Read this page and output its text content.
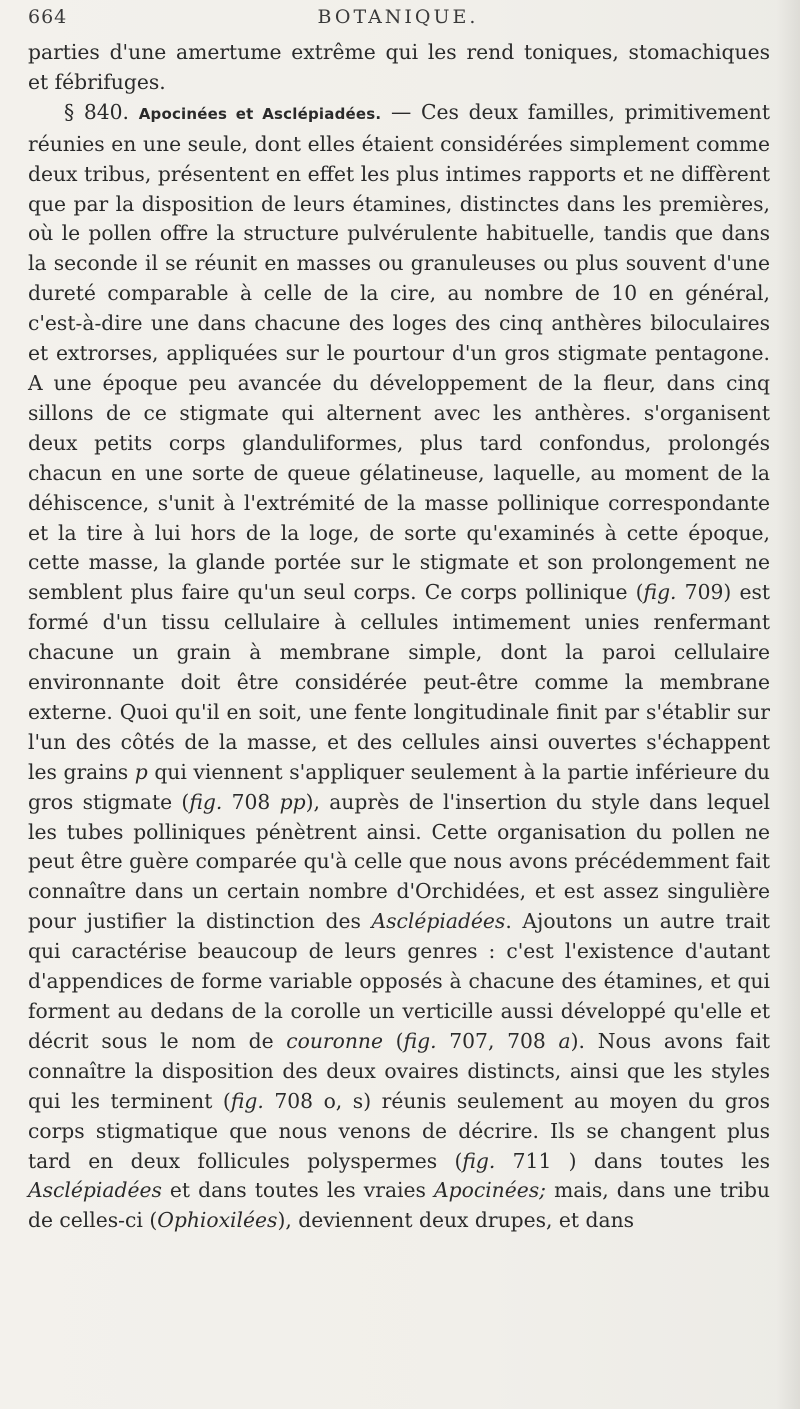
664	BOTANIQUE.

parties d'une amertume extrême qui les rend toniques, stomachiques et fébrifuges.

§ 840. Apocinées et Asclépiadées. — Ces deux familles, primitivement réunies en une seule, dont elles étaient considérées simplement comme deux tribus, présentent en effet les plus intimes rapports et ne diffèrent que par la disposition de leurs étamines, distinctes dans les premières, où le pollen offre la structure pulvérulente habituelle, tandis que dans la seconde il se réunit en masses ou granuleuses ou plus souvent d'une dureté comparable à celle de la cire, au nombre de 10 en général, c'est-à-dire une dans chacune des loges des cinq anthères biloculaires et extrorses, appliquées sur le pourtour d'un gros stigmate pentagone. A une époque peu avancée du développement de la fleur, dans cinq sillons de ce stigmate qui alternent avec les anthères. s'organisent deux petits corps glanduliformes, plus tard confondus, prolongés chacun en une sorte de queue gélatineuse, laquelle, au moment de la déhiscence, s'unit à l'extrémité de la masse pollinique correspondante et la tire à lui hors de la loge, de sorte qu'examinés à cette époque, cette masse, la glande portée sur le stigmate et son prolongement ne semblent plus faire qu'un seul corps. Ce corps pollinique (fig. 709) est formé d'un tissu cellulaire à cellules intimement unies renfermant chacune un grain à membrane simple, dont la paroi cellulaire environnante doit être considérée peut-être comme la membrane externe. Quoi qu'il en soit, une fente longitudinale finit par s'établir sur l'un des côtés de la masse, et des cellules ainsi ouvertes s'échappent les grains p qui viennent s'appliquer seulement à la partie inférieure du gros stigmate (fig. 708 pp), auprès de l'insertion du style dans lequel les tubes polliniques pénètrent ainsi. Cette organisation du pollen ne peut être guère comparée qu'à celle que nous avons précédemment fait connaître dans un certain nombre d'Orchidées, et est assez singulière pour justifier la distinction des Asclépiadées. Ajoutons un autre trait qui caractérise beaucoup de leurs genres : c'est l'existence d'autant d'appendices de forme variable opposés à chacune des étamines, et qui forment au dedans de la corolle un verticille aussi développé qu'elle et décrit sous le nom de couronne (fig. 707, 708 a). Nous avons fait connaître la disposition des deux ovaires distincts, ainsi que les styles qui les terminent (fig. 708 o, s) réunis seulement au moyen du gros corps stigmatique que nous venons de décrire. Ils se changent plus tard en deux follicules polyspermes (fig. 711 ) dans toutes les Asclépiadées et dans toutes les vraies Apocinées; mais, dans une tribu de celles-ci (Ophioxilées), deviennent deux drupes, et dans
